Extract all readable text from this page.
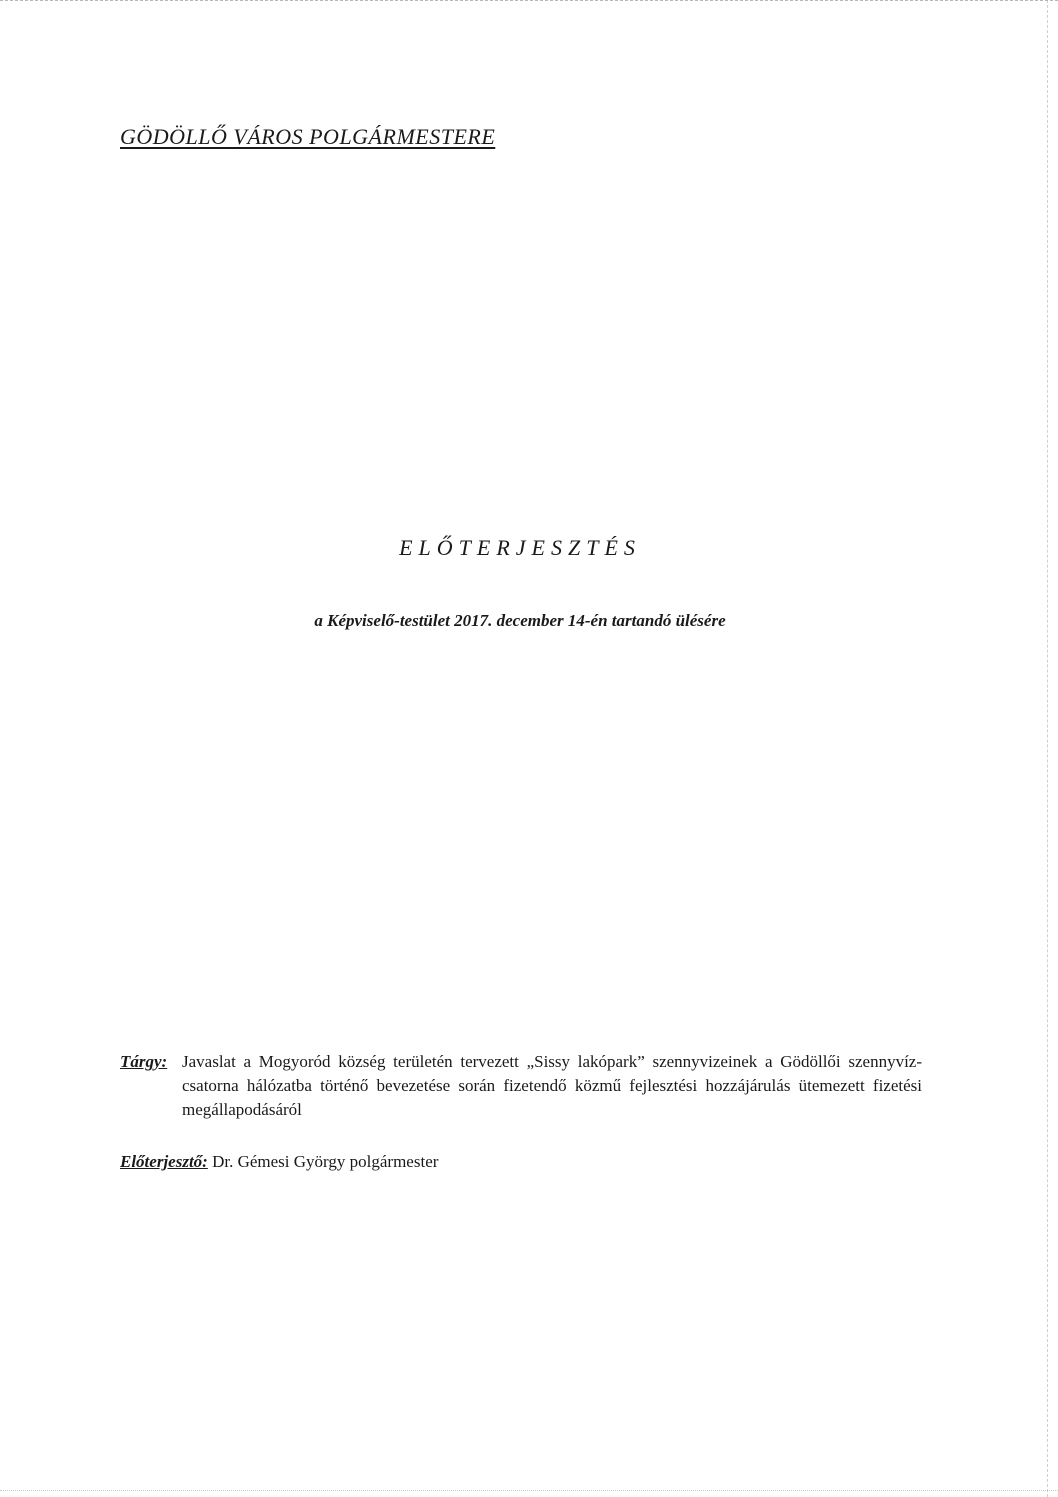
GÖDÖLLŐ VÁROS POLGÁRMESTERE
ELŐTERJESZTÉS
a Képviselő-testület 2017. december 14-én tartandó ülésére
Tárgy: Javaslat a Mogyoród község területén tervezett „Sissy lakópark” szennyvizeinek a Gödöllői szennyvíz-csatorna hálózatba történő bevezetése során fizetendő közmű fejlesztési hozzájárulás ütemezett fizetési megállapodásáról
Előterjesztő: Dr. Gémesi György polgármester
